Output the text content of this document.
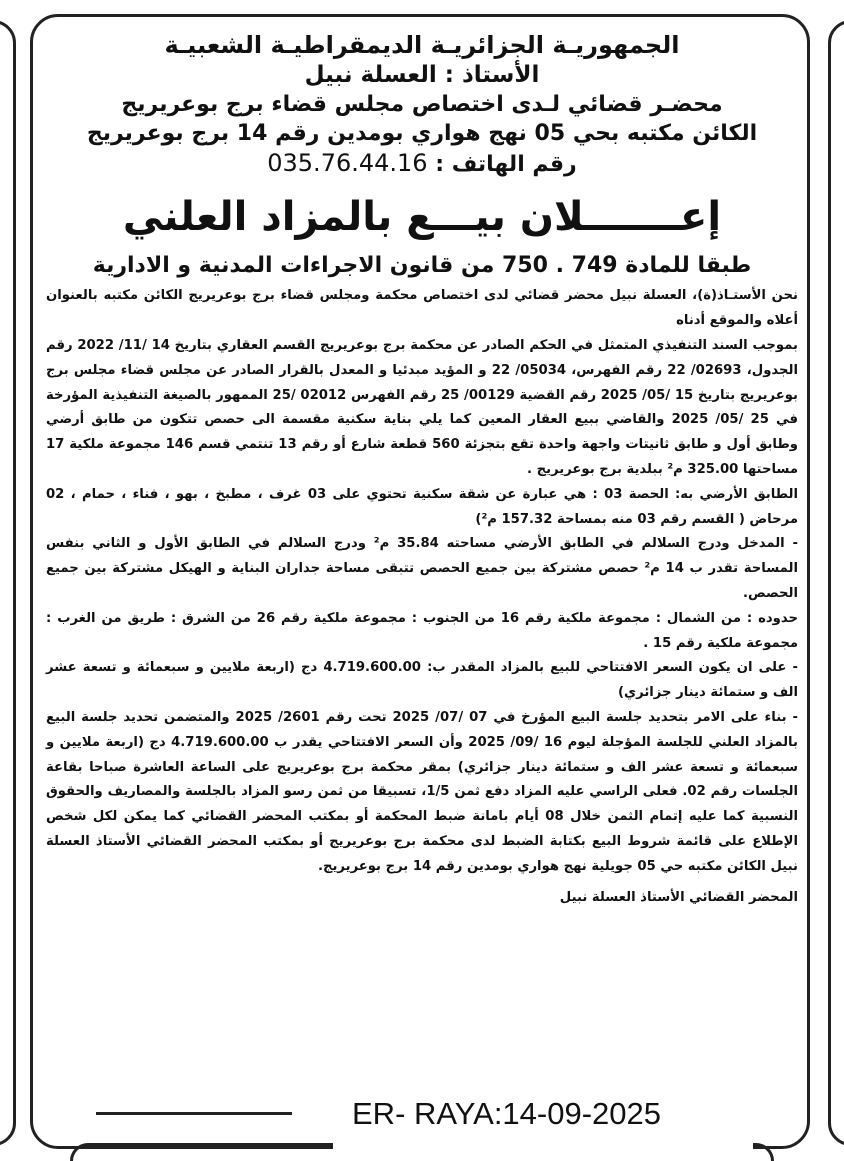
الجمهوريـة الجزائريـة الديمقراطيـة الشعبيـة

الأستاذ : العسلة نبيل

محضـر قضائي لـدى اختصاص مجلس قضاء برج بوعريريج

الكائن مكتبه بحي 05 نهج هواري بومدين رقم 14 برج بوعريريج

رقم الهاتف : 035.76.44.16

إعـــــــلان بيـــع بالمزاد العلني
طبقا للمادة 749 . 750 من قانون الاجراءات المدنية و الادارية

نحن الأستـاذ(ة)، العسلة نبيل محضر قضائي لدى اختصاص محكمة ومجلس قضاء برج بوعريريج الكائن مكتبه بالعنوان أعلاه والموقع أدناه

بموجب السند التنفيذي المتمثل في الحكم الصادر عن محكمة برج بوعريريج القسم العقاري بتاريخ 14 /11/ 2022 رقم الجدول، 02693/ 22 رقم الفهرس، 05034/ 22 و المؤيد مبدئيا و المعدل بالقرار الصادر عن مجلس قضاء مجلس برج بوعريريج بتاريخ 15 /05/ 2025 رقم القضية 00129/ 25 رقم الفهرس 02012 /25 الممهور بالصيغة التنفيذية المؤرخة في 25 /05/ 2025 والقاضي ببيع العقار المعين كما يلي بناية سكنية مقسمة الى حصص تتكون من طابق أرضي وطابق أول و طابق ثانيتات واجهة واحدة تقع بتجزئة 560 قطعة شارع أو رقم 13 تنتمي قسم 146 مجموعة ملكية 17 مساحتها 325.00 م² ببلدية برج بوعريريج .

الطابق الأرضي به: الحصة 03 : هي عبارة عن شقة سكنية تحتوي على 03 غرف ، مطبخ ، بهو ، فناء ، حمام ، 02 مرحاض ( القسم رقم 03 منه بمساحة 157.32 م²)

- المدخل ودرج السلالم في الطابق الأرضي مساحته 35.84 م² ودرج السلالم في الطابق الأول و الثاني بنفس المساحة تقدر ب 14 م² حصص مشتركة بين جميع الحصص تتبقى مساحة جداران البناية و الهيكل مشتركة بين جميع الحصص.

حدوده : من الشمال : مجموعة ملكية رقم 16 من الجنوب : مجموعة ملكية رقم 26 من الشرق : طريق من الغرب : مجموعة ملكية رقم 15 .

- على ان يكون السعر الافتتاحي للبيع بالمزاد المقدر ب: 4.719.600.00 دج (اربعة ملايين و سبعمائة و تسعة عشر الف و ستمائة دينار جزائري)

- بناء على الامر بتحديد جلسة البيع المؤرخ في 07 /07/ 2025 تحت رقم 2601/ 2025 والمتضمن تحديد جلسة البيع بالمزاد العلني للجلسة المؤجلة ليوم 16 /09/ 2025 وأن السعر الافتتاحي يقدر ب 4.719.600.00 دج (اربعة ملايين و سبعمائة و تسعة عشر الف و ستمائة دينار جزائري) بمقر محكمة برج بوعريريج على الساعة العاشرة صباحا بقاعة الجلسات رقم 02. فعلى الراسي عليه المزاد دفع ثمن 1/5، تسبيقا من ثمن رسو المزاد بالجلسة والمصاريف والحقوق النسبية كما عليه إتمام الثمن خلال 08 أيام بامانة ضبط المحكمة أو بمكتب المحضر القضائي كما يمكن لكل شخص الإطلاع على قائمة شروط البيع بكتابة الضبط لدى محكمة برج بوعريريج أو بمكتب المحضر القضائي الأستاذ العسلة نبيل الكائن مكتبه حي 05 جويلية نهج هواري بومدين رقم 14 برج بوعريريج.

المحضر القضائي الأستاذ العسلة نبيل
ER- RAYA:14-09-2025
